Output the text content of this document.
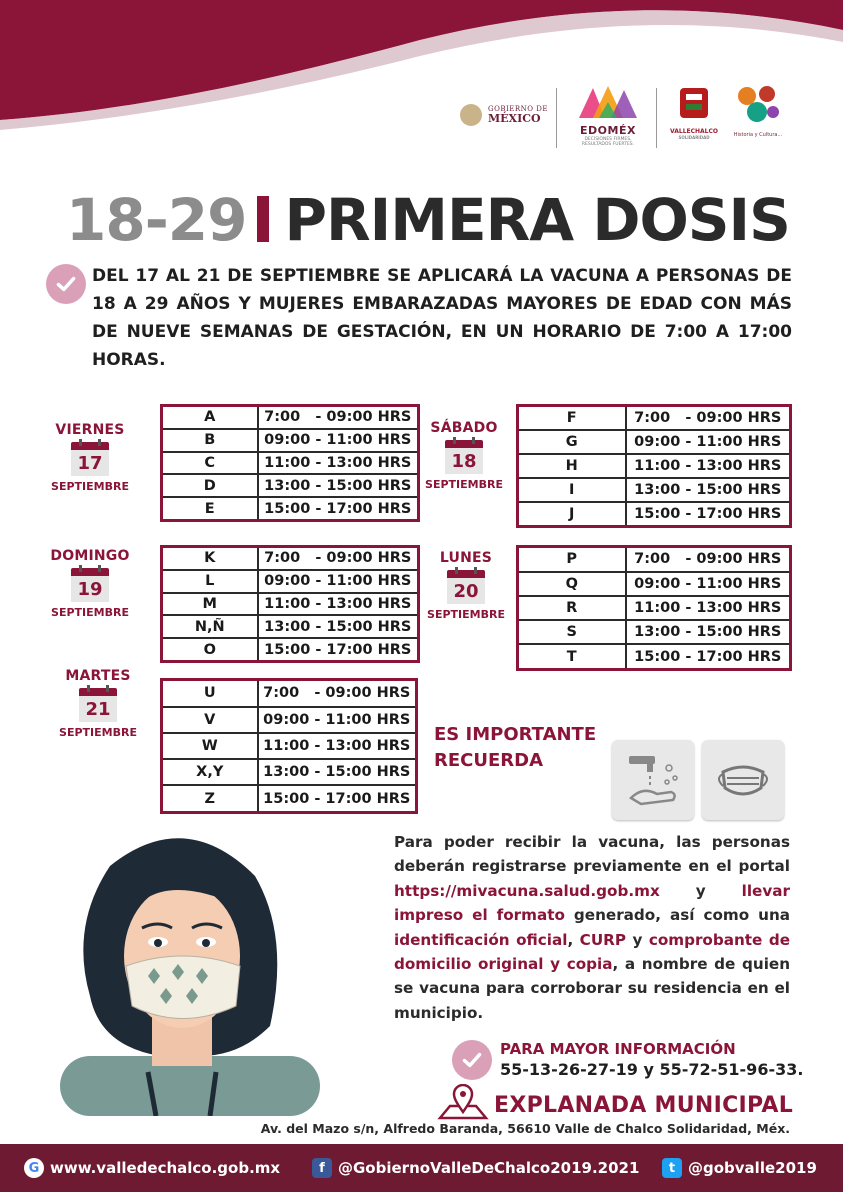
GOBIERNO DE
MÉXICO
EDOMÉX
DECISIONES FIRMES,
RESULTADOS FUERTES.
VALLECHALCO
SOLIDARIDAD	Historia y Cultura...
18-29 PRIMERA DOSIS
DEL 17 AL 21 DE SEPTIEMBRE SE APLICARÁ LA VACUNA A PERSONAS DE 18 A 29 AÑOS Y MUJERES EMBARAZADAS MAYORES DE EDAD CON MÁS DE NUEVE SEMANAS DE GESTACIÓN, EN UN HORARIO DE 7:00 A 17:00 HORAS.
VIERNES
17
SEPTIEMBRE
SÁBADO
18
SEPTIEMBRE
DOMINGO
19
SEPTIEMBRE
LUNES
20
SEPTIEMBRE
MARTES
21
SEPTIEMBRE
A	7:00   - 09:00 HRS
B	09:00 - 11:00 HRS
C	11:00 - 13:00 HRS
D	13:00 - 15:00 HRS
E	15:00 - 17:00 HRS
F	7:00   - 09:00 HRS
G	09:00 - 11:00 HRS
H	11:00 - 13:00 HRS
I	13:00 - 15:00 HRS
J	15:00 - 17:00 HRS
K	7:00   - 09:00 HRS
L	09:00 - 11:00 HRS
M	11:00 - 13:00 HRS
N,Ñ	13:00 - 15:00 HRS
O	15:00 - 17:00 HRS
P	7:00   - 09:00 HRS
Q	09:00 - 11:00 HRS
R	11:00 - 13:00 HRS
S	13:00 - 15:00 HRS
T	15:00 - 17:00 HRS
U	7:00   - 09:00 HRS
V	09:00 - 11:00 HRS
W	11:00 - 13:00 HRS
X,Y	13:00 - 15:00 HRS
Z	15:00 - 17:00 HRS
ES IMPORTANTE
RECUERDA
Para poder recibir la vacuna, las personas deberán registrarse previamente en el portal https://mivacuna.salud.gob.mx y llevar impreso el formato generado, así como una identificación oficial, CURP y comprobante de domicilio original y copia, a nombre de quien se vacuna para corroborar su residencia en el municipio.
PARA MAYOR INFORMACIÓN
55-13-26-27-19 y 55-72-51-96-33.
EXPLANADA MUNICIPAL
Av. del Mazo s/n, Alfredo Baranda, 56610 Valle de Chalco Solidaridad, Méx.
G www.valledechalco.gob.mx	f @GobiernoValleDeChalco2019.2021	t @gobvalle2019
